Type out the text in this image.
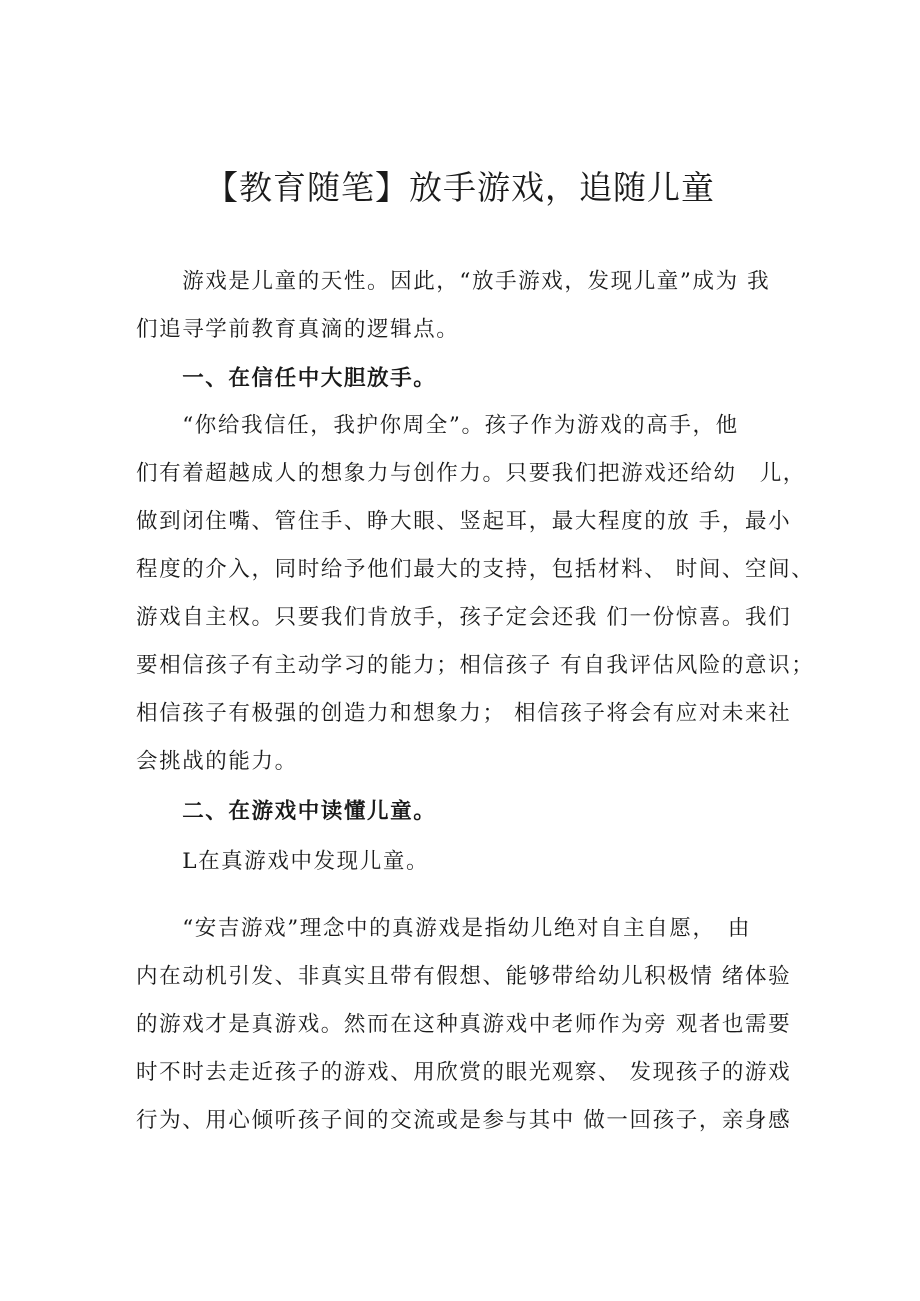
【教育随笔】放手游戏，追随儿童
　　游戏是儿童的天性。因此，“放手游戏，发现儿童”成为 我
们追寻学前教育真滴的逻辑点。
　　一、在信任中大胆放手。
　　“你给我信任，我护你周全”。孩子作为游戏的高手，他
们有着超越成人的想象力与创作力。只要我们把游戏还给幼　儿，
做到闭住嘴、管住手、睁大眼、竖起耳，最大程度的放 手，最小
程度的介入，同时给予他们最大的支持，包括材料、 时间、空间、
游戏自主权。只要我们肯放手，孩子定会还我 们一份惊喜。我们
要相信孩子有主动学习的能力；相信孩子 有自我评估风险的意识；
相信孩子有极强的创造力和想象力； 相信孩子将会有应对未来社
会挑战的能力。
　　二、在游戏中读懂儿童。
　　L在真游戏中发现儿童。
　　“安吉游戏”理念中的真游戏是指幼儿绝对自主自愿，　由
内在动机引发、非真实且带有假想、能够带给幼儿积极情 绪体验
的游戏才是真游戏。然而在这种真游戏中老师作为旁 观者也需要
时不时去走近孩子的游戏、用欣赏的眼光观察、 发现孩子的游戏
行为、用心倾听孩子间的交流或是参与其中 做一回孩子，亲身感
